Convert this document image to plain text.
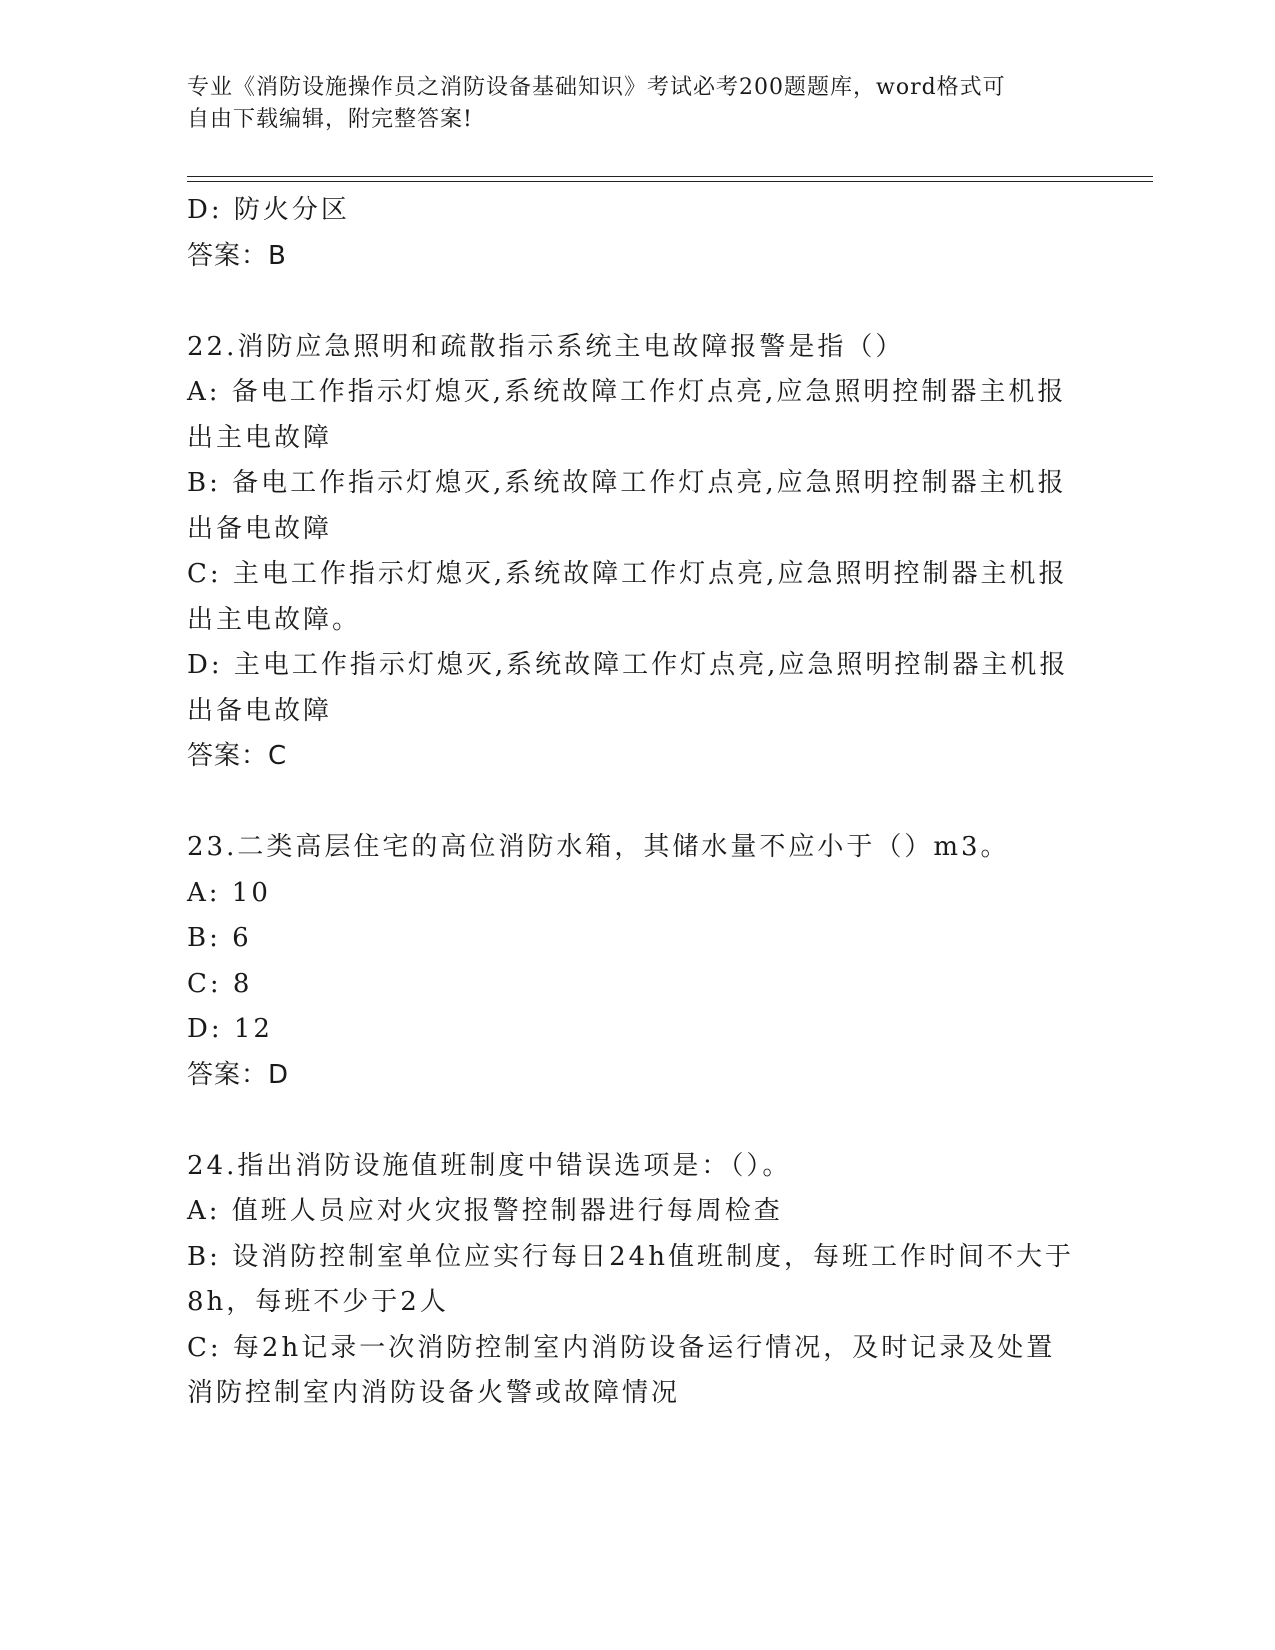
专业《消防设施操作员之消防设备基础知识》考试必考200题题库，word格式可
自由下载编辑，附完整答案!
D: 防火分区
答案：B
22.消防应急照明和疏散指示系统主电故障报警是指（）
A: 备电工作指示灯熄灭,系统故障工作灯点亮,应急照明控制器主机报
出主电故障
B: 备电工作指示灯熄灭,系统故障工作灯点亮,应急照明控制器主机报
出备电故障
C: 主电工作指示灯熄灭,系统故障工作灯点亮,应急照明控制器主机报
出主电故障。
D: 主电工作指示灯熄灭,系统故障工作灯点亮,应急照明控制器主机报
出备电故障
答案：C
23.二类高层住宅的高位消防水箱，其储水量不应小于（）m3。
A: 10
B: 6
C: 8
D: 12
答案：D
24.指出消防设施值班制度中错误选项是：（）。
A: 值班人员应对火灾报警控制器进行每周检查
B: 设消防控制室单位应实行每日24h值班制度，每班工作时间不大于
8h，每班不少于2人
C: 每2h记录一次消防控制室内消防设备运行情况，及时记录及处置
消防控制室内消防设备火警或故障情况
